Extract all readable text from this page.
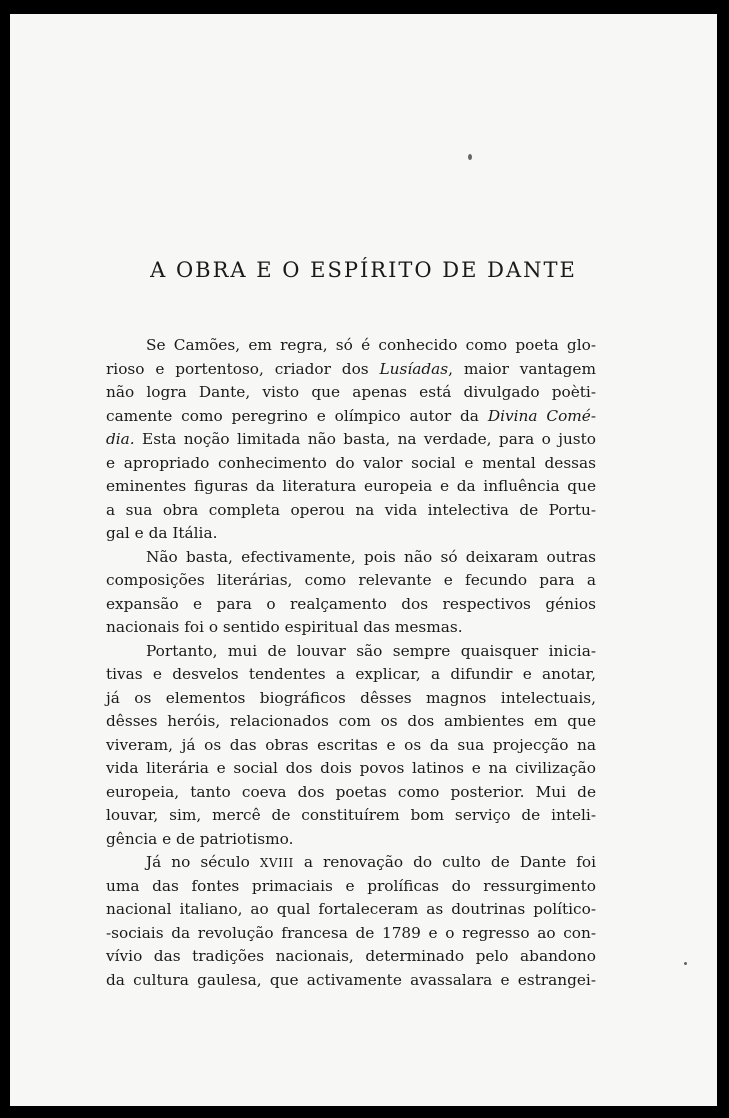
A OBRA E O ESPÍRITO DE DANTE

Se Camões, em regra, só é conhecido como poeta glo-
rioso e portentoso, criador dos Lusíadas, maior vantagem
não logra Dante, visto que apenas está divulgado poèti-
camente como peregrino e olímpico autor da Divina Comé-
dia. Esta noção limitada não basta, na verdade, para o justo
e apropriado conhecimento do valor social e mental dessas
eminentes figuras da literatura europeia e da influência que
a sua obra completa operou na vida intelectiva de Portu-
gal e da Itália.

Não basta, efectivamente, pois não só deixaram outras
composições literárias, como relevante e fecundo para a
expansão e para o realçamento dos respectivos génios
nacionais foi o sentido espiritual das mesmas.

Portanto, mui de louvar são sempre quaisquer inicia-
tivas e desvelos tendentes a explicar, a difundir e anotar,
já os elementos biográficos dêsses magnos intelectuais,
dêsses heróis, relacionados com os dos ambientes em que
viveram, já os das obras escritas e os da sua projecção na
vida literária e social dos dois povos latinos e na civilização
europeia, tanto coeva dos poetas como posterior. Mui de
louvar, sim, mercê de constituírem bom serviço de inteli-
gência e de patriotismo.

Já no século XVIII a renovação do culto de Dante foi
uma das fontes primaciais e prolíficas do ressurgimento
nacional italiano, ao qual fortaleceram as doutrinas político-
-sociais da revolução francesa de 1789 e o regresso ao con-
vívio das tradições nacionais, determinado pelo abandono
da cultura gaulesa, que activamente avassalara e estrangei-
